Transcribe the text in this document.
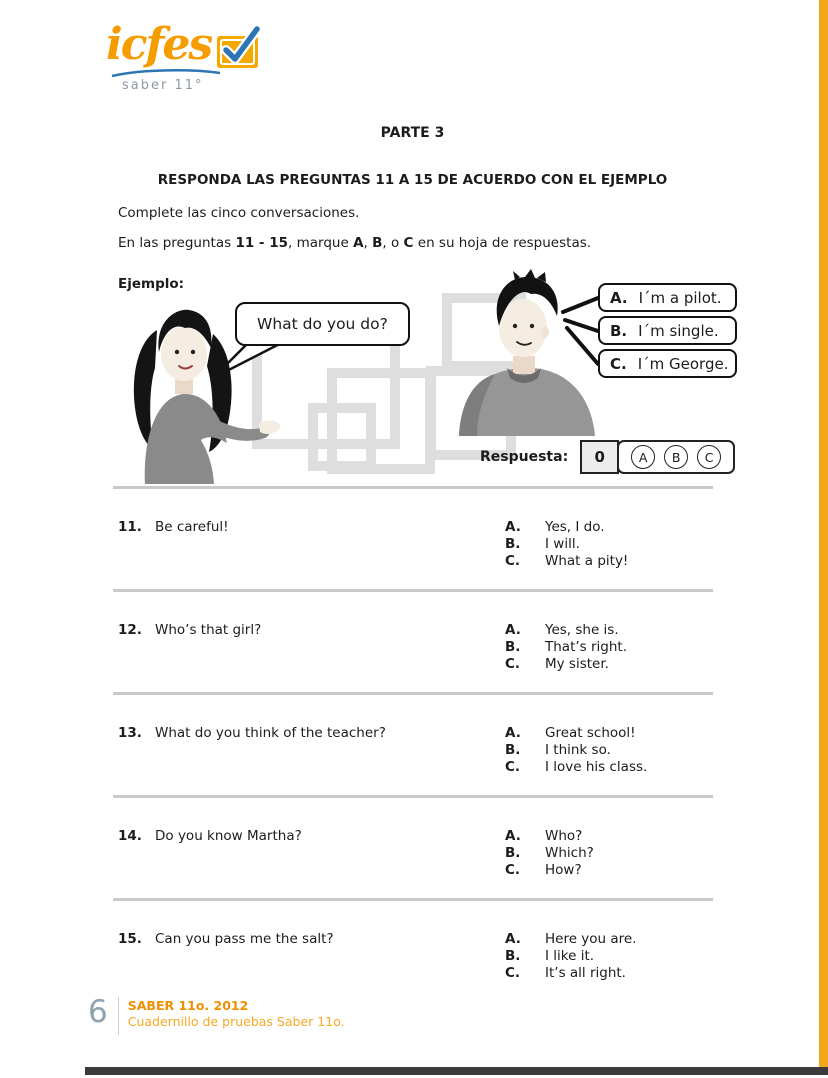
icfes
saber 11°
PARTE 3
RESPONDA LAS PREGUNTAS 11 A 15 DE ACUERDO CON EL EJEMPLO

Complete las cinco conversaciones.

En las preguntas 11 - 15, marque A, B, o C en su hoja de respuestas.

Ejemplo:
What do you do?
A. I´m a pilot.
B. I´m single.
C. I´m George.
Respuesta:	0	A	B	C
11. Be careful!	A.	Yes, I do.
B.	I will.
C.	What a pity!
12. Who’s that girl?	A.	Yes, she is.
B.	That’s right.
C.	My sister.
13. What do you think of the teacher?	A.	Great school!
B.	I think so.
C.	I love his class.
14. Do you know Martha?	A.	Who?
B.	Which?
C.	How?
15. Can you pass me the salt?	A.	Here you are.
B.	I like it.
C.	It’s all right.
6 SABER 11o. 2012
Cuadernillo de pruebas Saber 11o.
